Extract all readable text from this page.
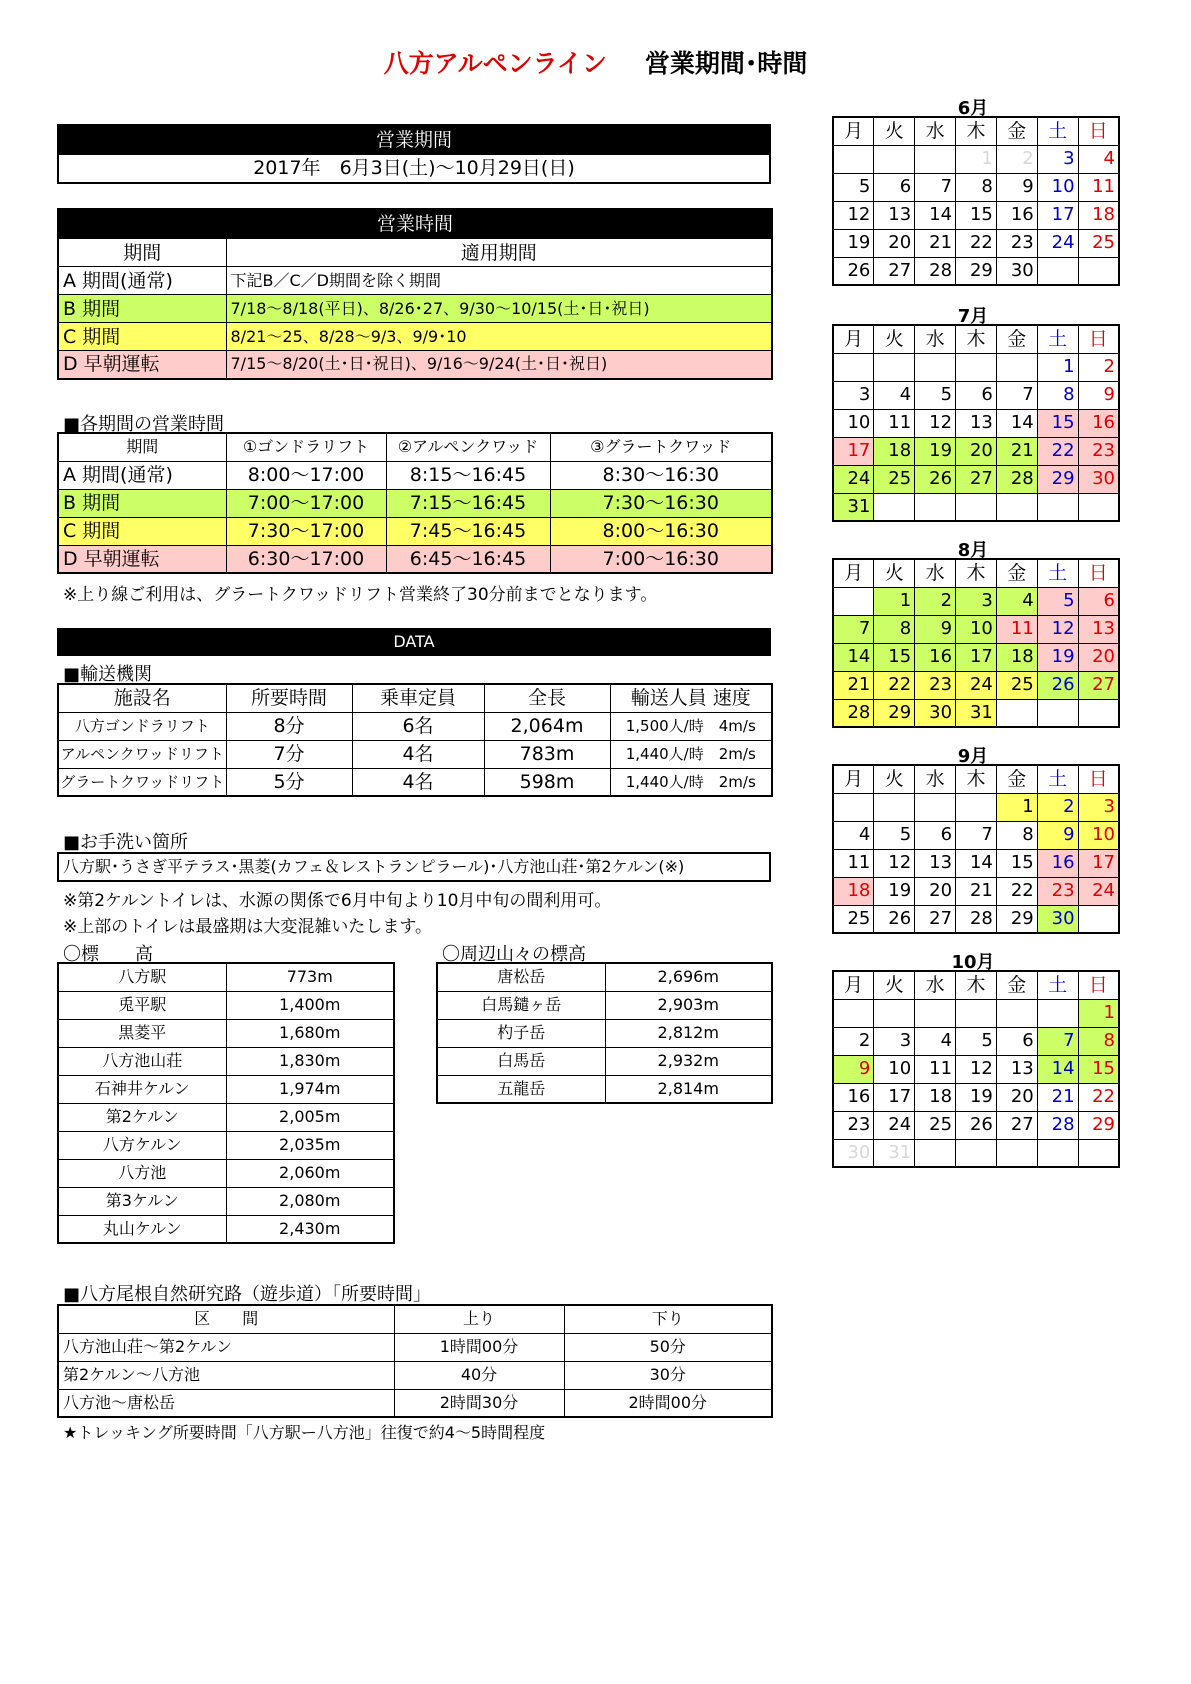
八方アルペンライン 営業期間･時間
営業期間
2017年　6月3日(土)～10月29日(日)
営業時間	
期間	適用期間
A 期間(通常)	下記B／C／D期間を除く期間
B 期間	7/18～8/18(平日)、8/26･27、9/30～10/15(土･日･祝日)
C 期間	8/21～25、8/28～9/3、9/9･10
D 早朝運転	7/15～8/20(土･日･祝日)、9/16～9/24(土･日･祝日)
■各期間の営業時間
期間	①ゴンドラリフト	②アルペンクワッド	③グラートクワッド
A 期間(通常)	8:00～17:00	8:15～16:45	8:30～16:30
B 期間	7:00～17:00	7:15～16:45	7:30～16:30
C 期間	7:30～17:00	7:45～16:45	8:00～16:30
D 早朝運転	6:30～17:00	6:45～16:45	7:00～16:30
※上り線ご利用は、グラートクワッドリフト営業終了30分前までとなります。
DATA
■輸送機関
施設名	所要時間	乗車定員	全長	輸送人員 速度
八方ゴンドラリフト	8分	6名	2,064m	1,500人/時　4m/s
アルペンクワッドリフト	7分	4名	783m	1,440人/時　2m/s
グラートクワッドリフト	5分	4名	598m	1,440人/時　2m/s
■お手洗い箇所
八方駅･うさぎ平テラス･黒菱(カフェ＆レストランピラール)･八方池山荘･第2ケルン(※)
※第2ケルントイレは、水源の関係で6月中旬より10月中旬の間利用可。
※上部のトイレは最盛期は大変混雑いたします。
〇標　　高
八方駅	773m
兎平駅	1,400m
黒菱平	1,680m
八方池山荘	1,830m
石神井ケルン	1,974m
第2ケルン	2,005m
八方ケルン	2,035m
八方池	2,060m
第3ケルン	2,080m
丸山ケルン	2,430m
〇周辺山々の標高
唐松岳	2,696m
白馬鑓ヶ岳	2,903m
杓子岳	2,812m
白馬岳	2,932m
五龍岳	2,814m
■八方尾根自然研究路（遊歩道）「所要時間」
区　　間	上り	下り
八方池山荘～第2ケルン	1時間00分	50分
第2ケルン～八方池	40分	30分
八方池～唐松岳	2時間30分	2時間00分
★トレッキング所要時間「八方駅ー八方池」往復で約4～5時間程度
6月
月	火	水	木	金	土	日
			1	2	3	4
5	6	7	8	9	10	11
12	13	14	15	16	17	18
19	20	21	22	23	24	25
26	27	28	29	30		
7月
月	火	水	木	金	土	日
					1	2
3	4	5	6	7	8	9
10	11	12	13	14	15	16
17	18	19	20	21	22	23
24	25	26	27	28	29	30
31						
8月
月	火	水	木	金	土	日
	1	2	3	4	5	6
7	8	9	10	11	12	13
14	15	16	17	18	19	20
21	22	23	24	25	26	27
28	29	30	31			
9月
月	火	水	木	金	土	日
				1	2	3
4	5	6	7	8	9	10
11	12	13	14	15	16	17
18	19	20	21	22	23	24
25	26	27	28	29	30	
10月
月	火	水	木	金	土	日
						1
2	3	4	5	6	7	8
9	10	11	12	13	14	15
16	17	18	19	20	21	22
23	24	25	26	27	28	29
30	31					
